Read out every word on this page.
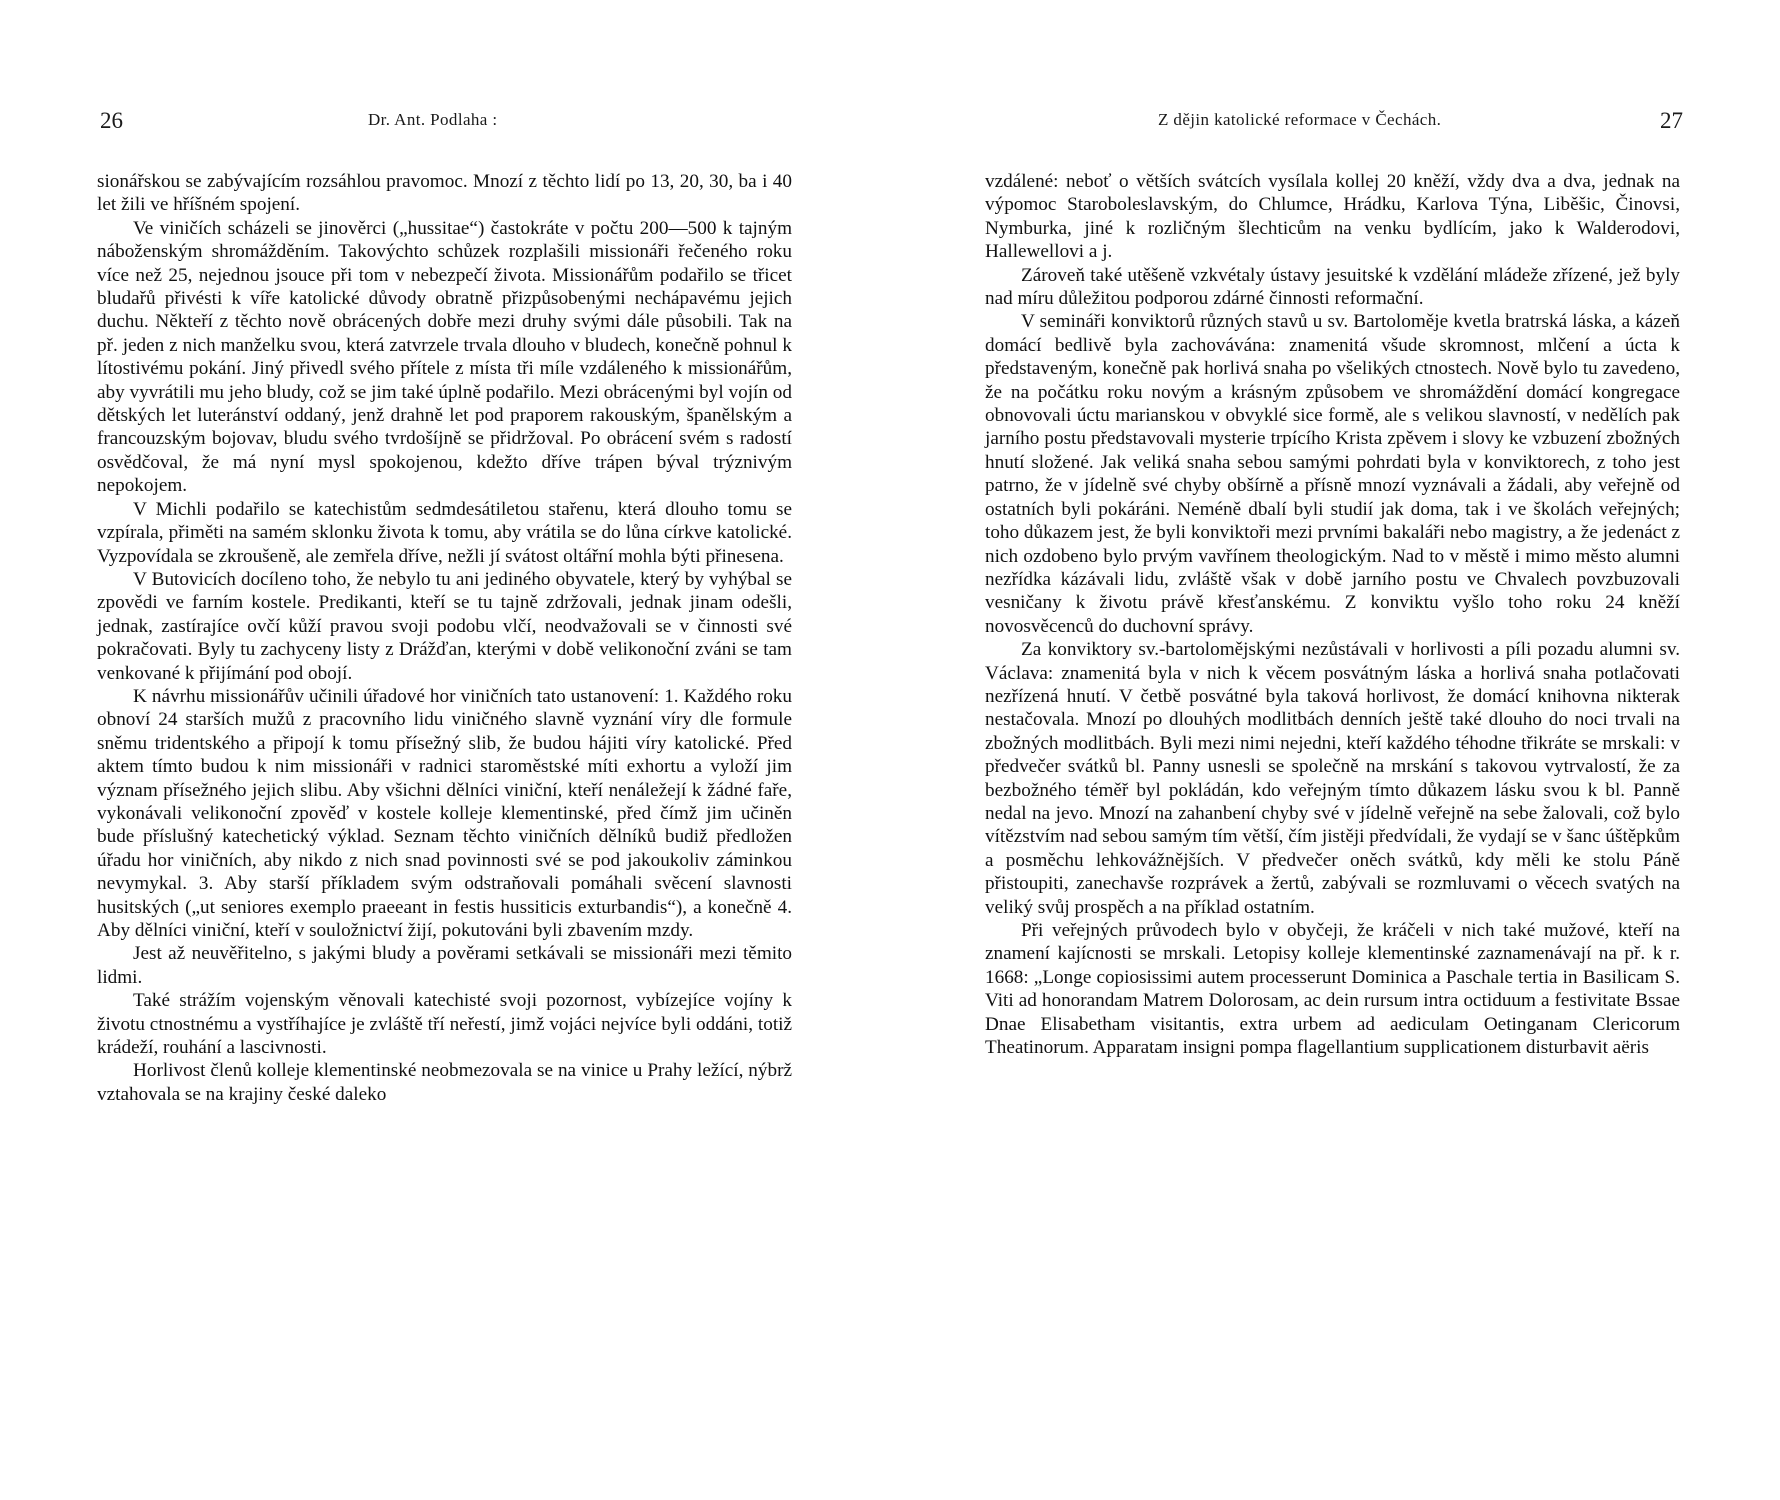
26	Dr. Ant. Podlaha :

sionářskou se zabývajícím rozsáhlou pravomoc. Mnozí z těchto lidí po 13, 20, 30, ba i 40 let žili ve hříšném spojení.

Ve viničích scházeli se jinověrci („hussitae“) častokráte v počtu 200—500 k tajným náboženským shromážděním. Takovýchto schůzek rozplašili missionáři řečeného roku více než 25, nejednou jsouce při tom v nebezpečí života. Missionářům podařilo se třicet bludařů přivésti k víře katolické důvody obratně přizpůsobenými nechápavému jejich duchu. Někteří z těchto nově obrácených dobře mezi druhy svými dále působili. Tak na př. jeden z nich manželku svou, která zatvrzele trvala dlouho v bludech, konečně pohnul k lítostivému pokání. Jiný přivedl svého přítele z místa tři míle vzdáleného k missionářům, aby vyvrátili mu jeho bludy, což se jim také úplně podařilo. Mezi obrácenými byl vojín od dětských let luteránství oddaný, jenž drahně let pod praporem rakouským, španělským a francouzským bojovav, bludu svého tvrdošíjně se přidržoval. Po obrácení svém s radostí osvědčoval, že má nyní mysl spokojenou, kdežto dříve trápen býval trýznivým nepokojem.

V Michli podařilo se katechistům sedmdesátiletou stařenu, která dlouho tomu se vzpírala, přiměti na samém sklonku života k tomu, aby vrátila se do lůna církve katolické. Vyzpovídala se zkroušeně, ale zemřela dříve, nežli jí svátost oltářní mohla býti přinesena.

V Butovicích docíleno toho, že nebylo tu ani jediného obyvatele, který by vyhýbal se zpovědi ve farním kostele. Predikanti, kteří se tu tajně zdržovali, jednak jinam odešli, jednak, zastírajíce ovčí kůží pravou svoji podobu vlčí, neodvažovali se v činnosti své pokračovati. Byly tu zachyceny listy z Drážďan, kterými v době velikonoční zváni se tam venkované k přijímání pod obojí.

K návrhu missionářův učinili úřadové hor viničních tato ustanovení: 1. Každého roku obnoví 24 starších mužů z pracovního lidu viničného slavně vyznání víry dle formule sněmu tridentského a připojí k tomu přísežný slib, že budou hájiti víry katolické. Před aktem tímto budou k nim missionáři v radnici staroměstské míti exhortu a vyloží jim význam přísežného jejich slibu. Aby všichni dělníci viniční, kteří nenáležejí k žádné faře, vykonávali velikonoční zpověď v kostele kolleje klementinské, před čímž jim učiněn bude příslušný katechetický výklad. Seznam těchto viničních dělníků budiž předložen úřadu hor viničních, aby nikdo z nich snad povinnosti své se pod jakoukoliv záminkou nevymykal. 3. Aby starší příkladem svým odstraňovali pomáhali svěcení slavnosti husitských („ut seniores exemplo praeeant in festis hussiticis exturbandis“), a konečně 4. Aby dělníci viniční, kteří v souložnictví žijí, pokutováni byli zbavením mzdy.

Jest až neuvěřitelno, s jakými bludy a pověrami setkávali se missionáři mezi těmito lidmi.

Také strážím vojenským věnovali katechisté svoji pozornost, vybízejíce vojíny k životu ctnostnému a vystříhajíce je zvláště tří neřestí, jimž vojáci nejvíce byli oddáni, totiž krádeží, rouhání a lascivnosti.

Horlivost členů kolleje klementinské neobmezovala se na vinice u Prahy ležící, nýbrž vztahovala se na krajiny české daleko

Z dějin katolické reformace v Čechách.	27

vzdálené: neboť o větších svátcích vysílala kollej 20 kněží, vždy dva a dva, jednak na výpomoc Staroboleslavským, do Chlumce, Hrádku, Karlova Týna, Liběšic, Činovsi, Nymburka, jiné k rozličným šlechticům na venku bydlícím, jako k Walderodovi, Hallewellovi a j.

Zároveň také utěšeně vzkvétaly ústavy jesuitské k vzdělání mládeže zřízené, jež byly nad míru důležitou podporou zdárné činnosti reformační.

V semináři konviktorů různých stavů u sv. Bartoloměje kvetla bratrská láska, a kázeň domácí bedlivě byla zachovávána: znamenitá všude skromnost, mlčení a úcta k představeným, konečně pak horlivá snaha po všelikých ctnostech. Nově bylo tu zavedeno, že na počátku roku novým a krásným způsobem ve shromáždění domácí kongregace obnovovali úctu marianskou v obvyklé sice formě, ale s velikou slavností, v nedělích pak jarního postu představovali mysterie trpícího Krista zpěvem i slovy ke vzbuzení zbožných hnutí složené. Jak veliká snaha sebou samými pohrdati byla v konviktorech, z toho jest patrno, že v jídelně své chyby obšírně a přísně mnozí vyznávali a žádali, aby veřejně od ostatních byli pokáráni. Neméně dbalí byli studií jak doma, tak i ve školách veřejných; toho důkazem jest, že byli konviktoři mezi prvními bakaláři nebo magistry, a že jedenáct z nich ozdobeno bylo prvým vavřínem theologickým. Nad to v městě i mimo město alumni nezřídka kázávali lidu, zvláště však v době jarního postu ve Chvalech povzbuzovali vesničany k životu právě křesťanskému. Z konviktu vyšlo toho roku 24 kněží novosvěcenců do duchovní správy.

Za konviktory sv.-bartolomějskými nezůstávali v horlivosti a píli pozadu alumni sv. Václava: znamenitá byla v nich k věcem posvátným láska a horlivá snaha potlačovati nezřízená hnutí. V četbě posvátné byla taková horlivost, že domácí knihovna nikterak nestačovala. Mnozí po dlouhých modlitbách denních ještě také dlouho do noci trvali na zbožných modlitbách. Byli mezi nimi nejedni, kteří každého téhodne třikráte se mrskali: v předvečer svátků bl. Panny usnesli se společně na mrskání s takovou vytrvalostí, že za bezbožného téměř byl pokládán, kdo veřejným tímto důkazem lásku svou k bl. Panně nedal na jevo. Mnozí na zahanbení chyby své v jídelně veřejně na sebe žalovali, což bylo vítězstvím nad sebou samým tím větší, čím jistěji předvídali, že vydají se v šanc úštěpkům a posměchu lehkovážnějších. V předvečer oněch svátků, kdy měli ke stolu Páně přistoupiti, zanechavše rozprávek a žertů, zabývali se rozmluvami o věcech svatých na veliký svůj prospěch a na příklad ostatním.

Při veřejných průvodech bylo v obyčeji, že kráčeli v nich také mužové, kteří na znamení kajícnosti se mrskali. Letopisy kolleje klementinské zaznamenávají na př. k r. 1668: „Longe copiosissimi autem processerunt Dominica a Paschale tertia in Basilicam S. Viti ad honorandam Matrem Dolorosam, ac dein rursum intra octiduum a festivitate Bssae Dnae Elisabetham visitantis, extra urbem ad aediculam Oetinganam Clericorum Theatinorum. Apparatam insigni pompa flagellantium supplicationem disturbavit aëris
